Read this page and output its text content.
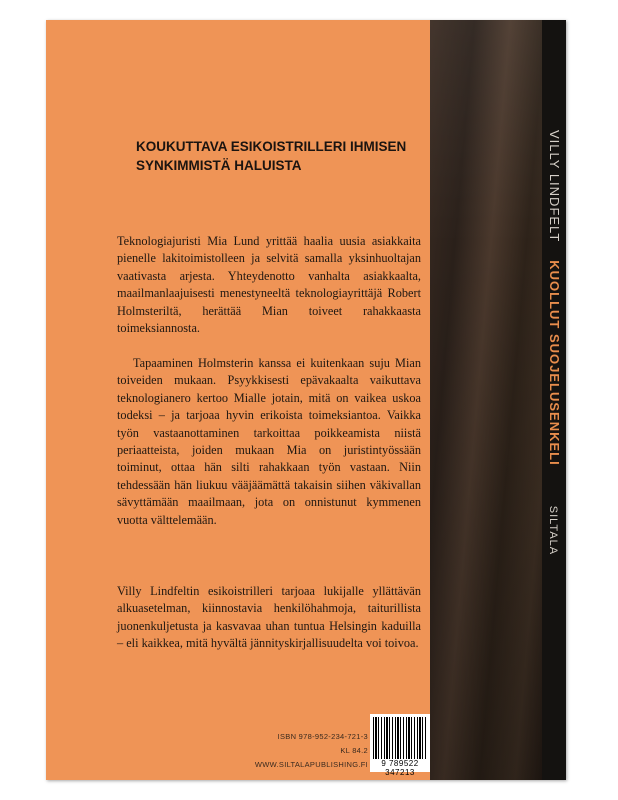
KOUKUTTAVA ESIKOISTRILLERI IHMISEN
SYNKIMMISTÄ HALUISTA

Teknologiajuristi Mia Lund yrittää haalia uusia asiakkaita pienelle lakitoimistolleen ja selvitä samalla yksinhuoltajan vaativasta arjesta. Yhteydenotto vanhalta asiakkaalta, maailmanlaajuisesti menestyneeltä teknologiayrittäjä Robert Holmsteriltä, herättää Mian toiveet rahakkaasta toimeksiannosta.

Tapaaminen Holmsterin kanssa ei kuitenkaan suju Mian toiveiden mukaan. Psyykkisesti epävakaalta vaikuttava teknologianero kertoo Mialle jotain, mitä on vaikea uskoa todeksi – ja tarjoaa hyvin erikoista toimeksiantoa. Vaikka työn vastaanottaminen tarkoittaa poikkeamista niistä periaatteista, joiden mukaan Mia on juristintyössään toiminut, ottaa hän silti rahakkaan työn vastaan. Niin tehdessään hän liukuu vääjäämättä takaisin siihen väkivallan sävyttämään maailmaan, jota on onnistunut kymmenen vuotta välttelemään.

Villy Lindfeltin esikoistrilleri tarjoaa lukijalle yllättävän alkuasetelman, kiinnostavia henkilöhahmoja, taiturillista juonenkuljetusta ja kasvavaa uhan tuntua Helsingin kaduilla – eli kaikkea, mitä hyvältä jännityskirjallisuudelta voi toivoa.

ISBN 978-952-234-721-3
KL 84.2
WWW.SILTALAPUBLISHING.FI	9 789522 347213
VILLY LINDFELTKUOLLUT SUOJELUSENKELISILTALA
